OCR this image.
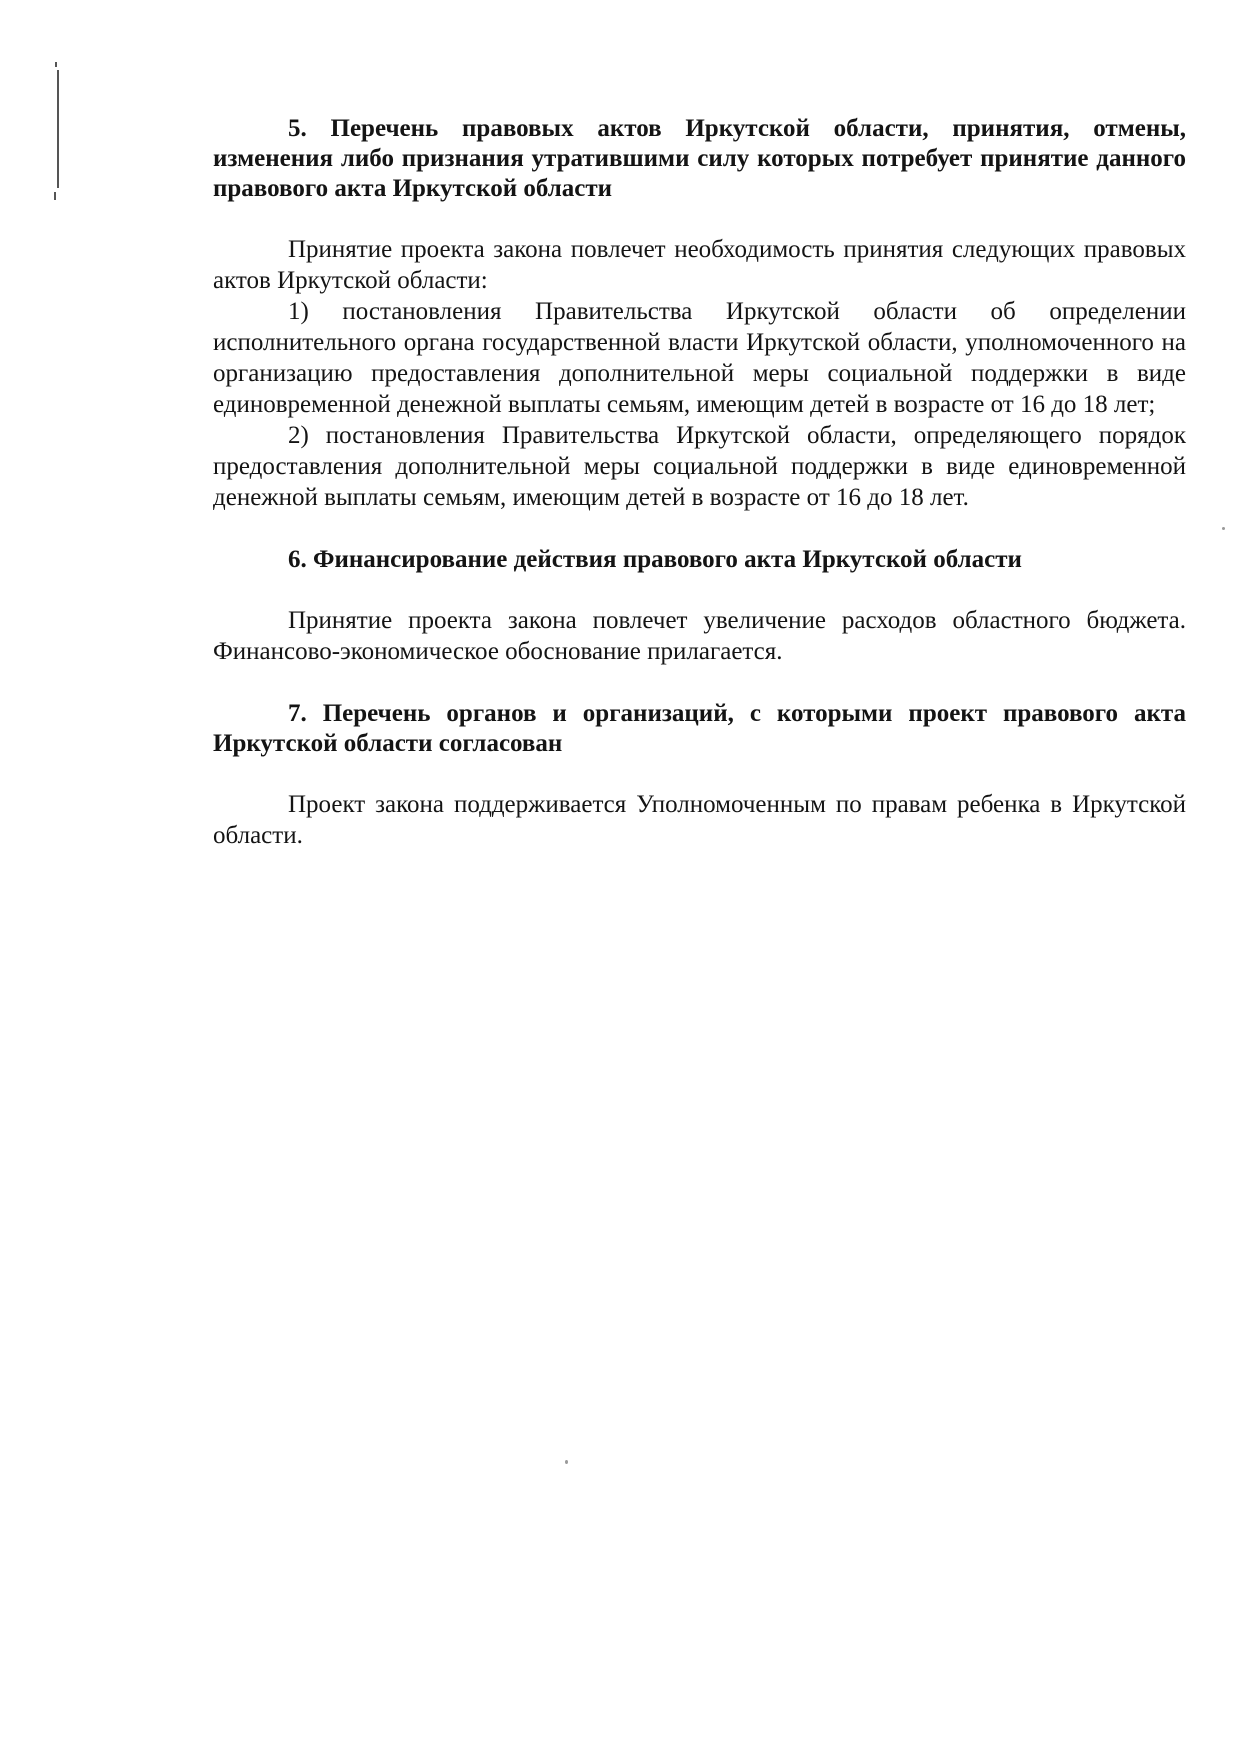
5. Перечень правовых актов Иркутской области, принятия, отмены, изменения либо признания утратившими силу которых потребует принятие данного правового акта Иркутской области

Принятие проекта закона повлечет необходимость принятия следующих правовых актов Иркутской области:

1) постановления Правительства Иркутской области об определении исполнительного органа государственной власти Иркутской области, уполномоченного на организацию предоставления дополнительной меры социальной поддержки в виде единовременной денежной выплаты семьям, имеющим детей в возрасте от 16 до 18 лет;

2) постановления Правительства Иркутской области, определяющего порядок предоставления дополнительной меры социальной поддержки в виде единовременной денежной выплаты семьям, имеющим детей в возрасте от 16 до 18 лет.

6. Финансирование действия правового акта Иркутской области

Принятие проекта закона повлечет увеличение расходов областного бюджета. Финансово-экономическое обоснование прилагается.

7. Перечень органов и организаций, с которыми проект правового акта Иркутской области согласован

Проект закона поддерживается Уполномоченным по правам ребенка в Иркутской области.
